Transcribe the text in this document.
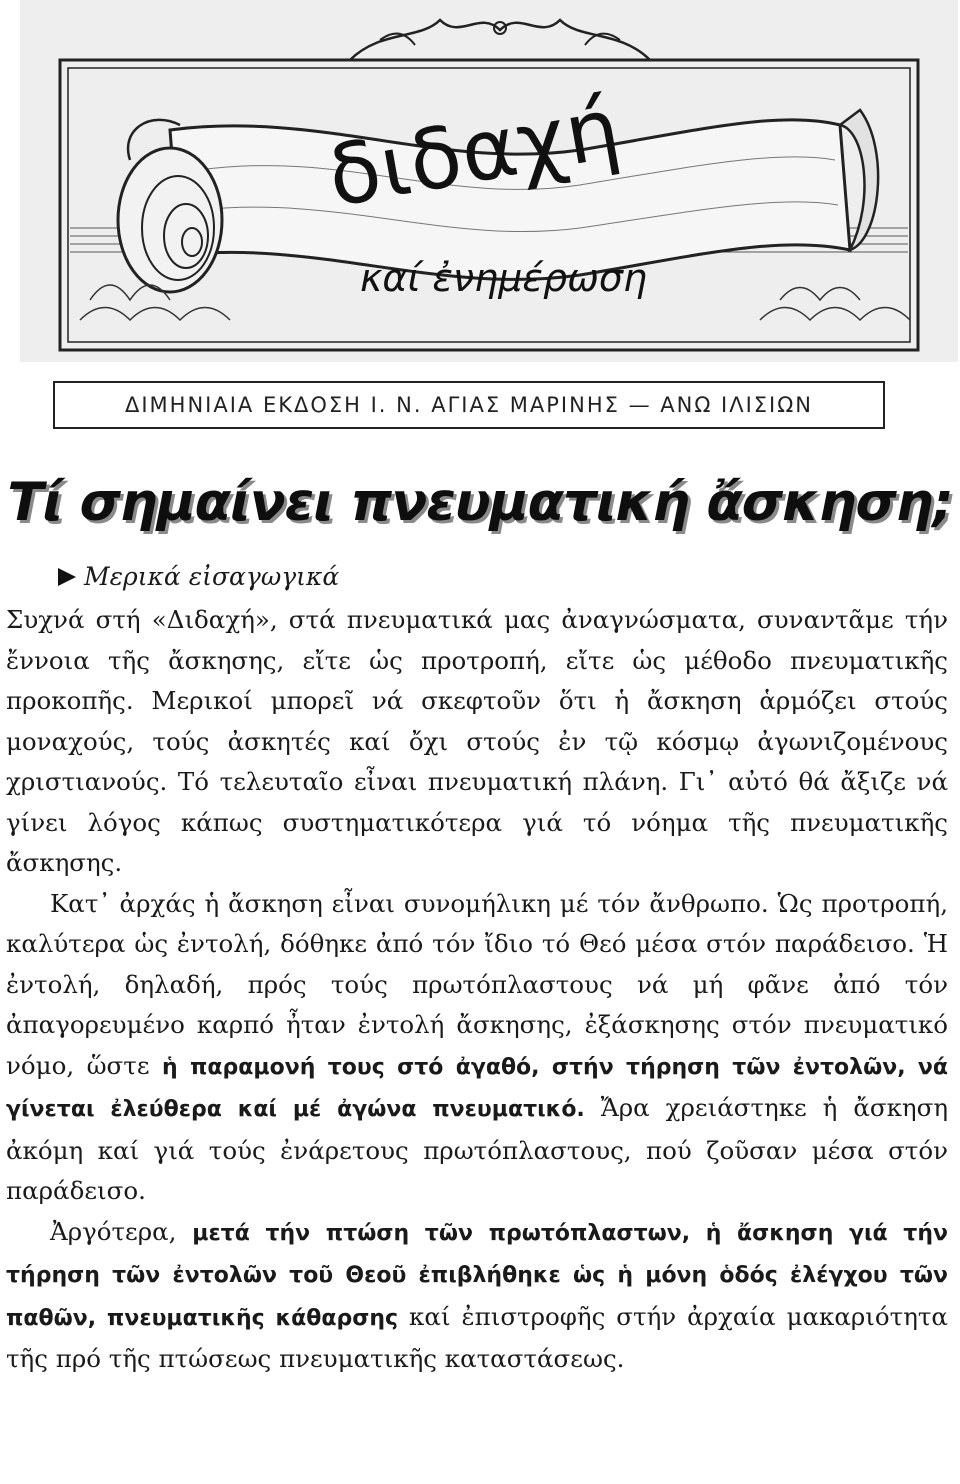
διδαχή
καί ἐνημέρωση
ΔΙΜΗΝΙΑΙΑ ΕΚΔΟΣΗ Ι. Ν. ΑΓΙΑΣ ΜΑΡΙΝΗΣ — ΑΝΩ ΙΛΙΣΙΩΝ
Τί σημαίνει πνευματική ἄσκηση;
Μερικά εἰσαγωγικά

Συχνά στή «Διδαχή», στά πνευματικά μας ἀναγνώσματα, συναντᾶμε τήν ἔννοια τῆς ἄσκησης, εἴτε ὡς προτροπή, εἴτε ὡς μέθοδο πνευματικῆς προκοπῆς. Μερικοί μπορεῖ νά σκεφτοῦν ὅτι ἡ ἄσκηση ἁρμόζει στούς μοναχούς, τούς ἀσκητές καί ὄχι στούς ἐν τῷ κόσμῳ ἀγωνιζομένους χριστιανούς. Τό τελευταῖο εἶναι πνευματική πλάνη. Γι᾽ αὐτό θά ἄξιζε νά γίνει λόγος κάπως συστηματικότερα γιά τό νόημα τῆς πνευματικῆς ἄσκησης.

Κατ᾽ ἀρχάς ἡ ἄσκηση εἶναι συνομήλικη μέ τόν ἄνθρωπο. Ὡς προτροπή, καλύτερα ὡς ἐντολή, δόθηκε ἀπό τόν ἴδιο τό Θεό μέσα στόν παράδεισο. Ἡ ἐντολή, δηλαδή, πρός τούς πρωτόπλαστους νά μή φᾶνε ἀπό τόν ἀπαγορευμένο καρπό ἦταν ἐντολή ἄσκησης, ἐξάσκησης στόν πνευματικό νόμο, ὥστε ἡ παραμονή τους στό ἀγαθό, στήν τήρηση τῶν ἐντολῶν, νά γίνεται ἐλεύθερα καί μέ ἀγώνα πνευματικό. Ἄρα χρειάστηκε ἡ ἄσκηση ἀκόμη καί γιά τούς ἐνάρετους πρωτόπλαστους, πού ζοῦσαν μέσα στόν παράδεισο.

Ἀργότερα, μετά τήν πτώση τῶν πρωτόπλαστων, ἡ ἄσκηση γιά τήν τήρηση τῶν ἐντολῶν τοῦ Θεοῦ ἐπιβλήθηκε ὡς ἡ μόνη ὁδός ἐλέγχου τῶν παθῶν, πνευματικῆς κάθαρσης καί ἐπιστροφῆς στήν ἀρχαία μακαριότητα τῆς πρό τῆς πτώσεως πνευματικῆς καταστάσεως.
